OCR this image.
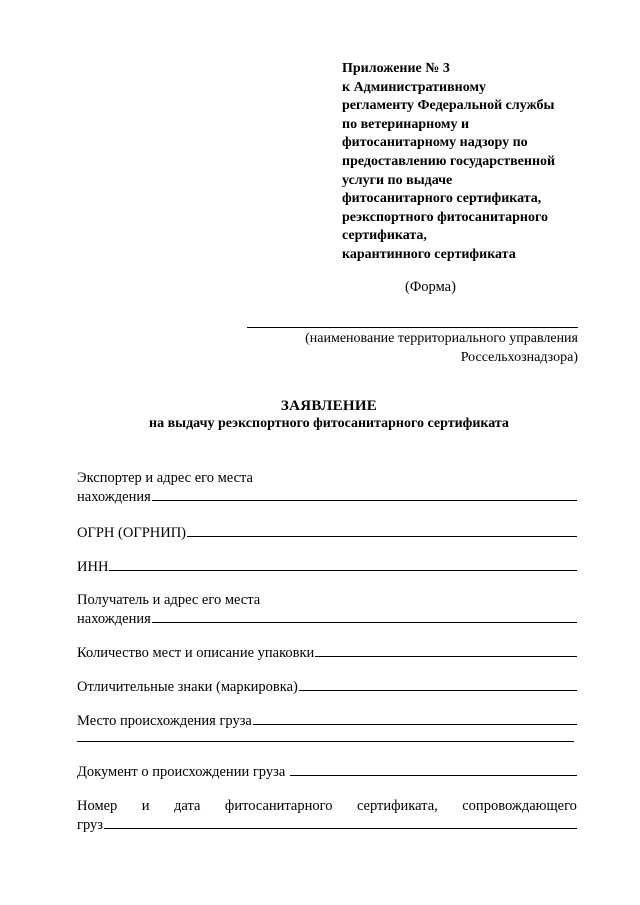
Приложение № 3
к Административному
регламенту Федеральной службы
по ветеринарному и
фитосанитарному надзору по
предоставлению государственной
услуги по выдаче
фитосанитарного сертификата,
реэкспортного фитосанитарного
сертификата,
карантинного сертификата
(Форма)
(наименование территориального управления
Россельхознадзора)
ЗАЯВЛЕНИЕ
на выдачу реэкспортного фитосанитарного сертификата
Экспортер и адрес его места
нахождения
ОГРН (ОГРНИП)
ИНН
Получатель и адрес его места
нахождения
Количество мест и описание упаковки
Отличительные знаки (маркировка)
Место происхождения груза
Документ о происхождении груза
Номер и дата фитосанитарного сертификата, сопровождающего
груз
